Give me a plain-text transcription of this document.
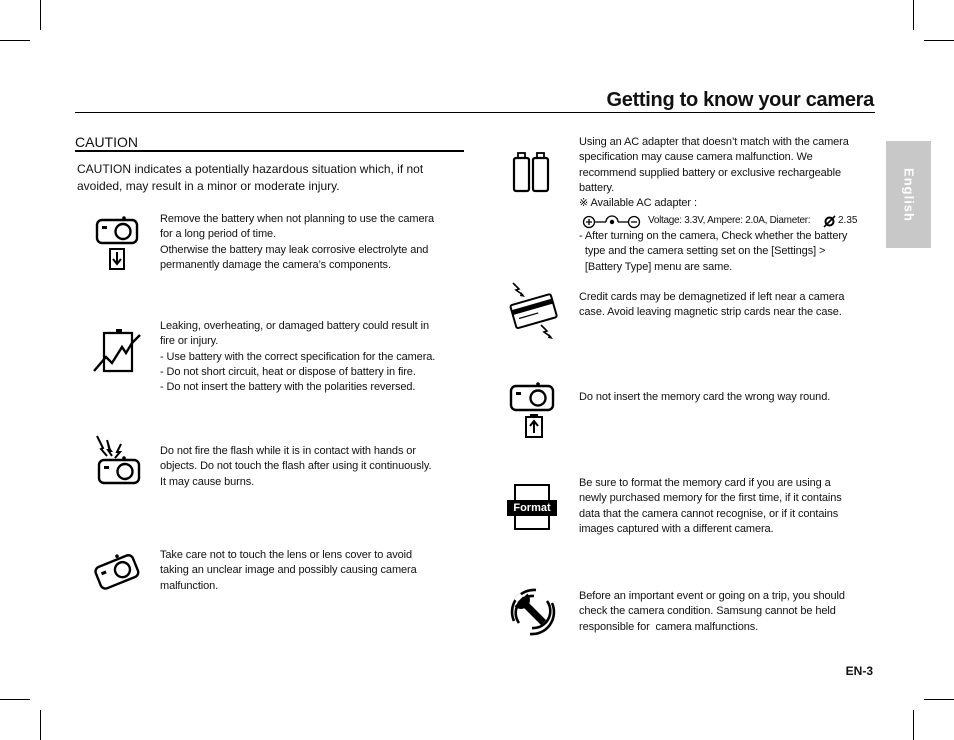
Getting to know your camera
CAUTION
CAUTION indicates a potentially hazardous situation which, if not avoided, may result in a minor or moderate injury.
Remove the battery when not planning to use the camera
for a long period of time.
Otherwise the battery may leak corrosive electrolyte and
permanently damage the camera’s components.
Leaking, overheating, or damaged battery could result in
fire or injury.
- Use battery with the correct specification for the camera.
- Do not short circuit, heat or dispose of battery in fire.
- Do not insert the battery with the polarities reversed.
Do not fire the flash while it is in contact with hands or
objects. Do not touch the flash after using it continuously.
It may cause burns.
Take care not to touch the lens or lens cover to avoid
taking an unclear image and possibly causing camera
malfunction.
Using an AC adapter that doesn’t match with the camera
specification may cause camera malfunction. We
recommend supplied battery or exclusive rechargeable
battery.
※ Available AC adapter :
Voltage: 3.3V, Ampere: 2.0A, Diameter:	2.35
- After turning on the camera, Check whether the battery
type and the camera setting set on the [Settings] >
[Battery Type] menu are same.
Credit cards may be demagnetized if left near a camera
case. Avoid leaving magnetic strip cards near the case.
Do not insert the memory card the wrong way round.
Format
Be sure to format the memory card if you are using a
newly purchased memory for the first time, if it contains
data that the camera cannot recognise, or if it contains
images captured with a different camera.
Before an important event or going on a trip, you should
check the camera condition. Samsung cannot be held
responsible for  camera malfunctions.
English
EN-3
